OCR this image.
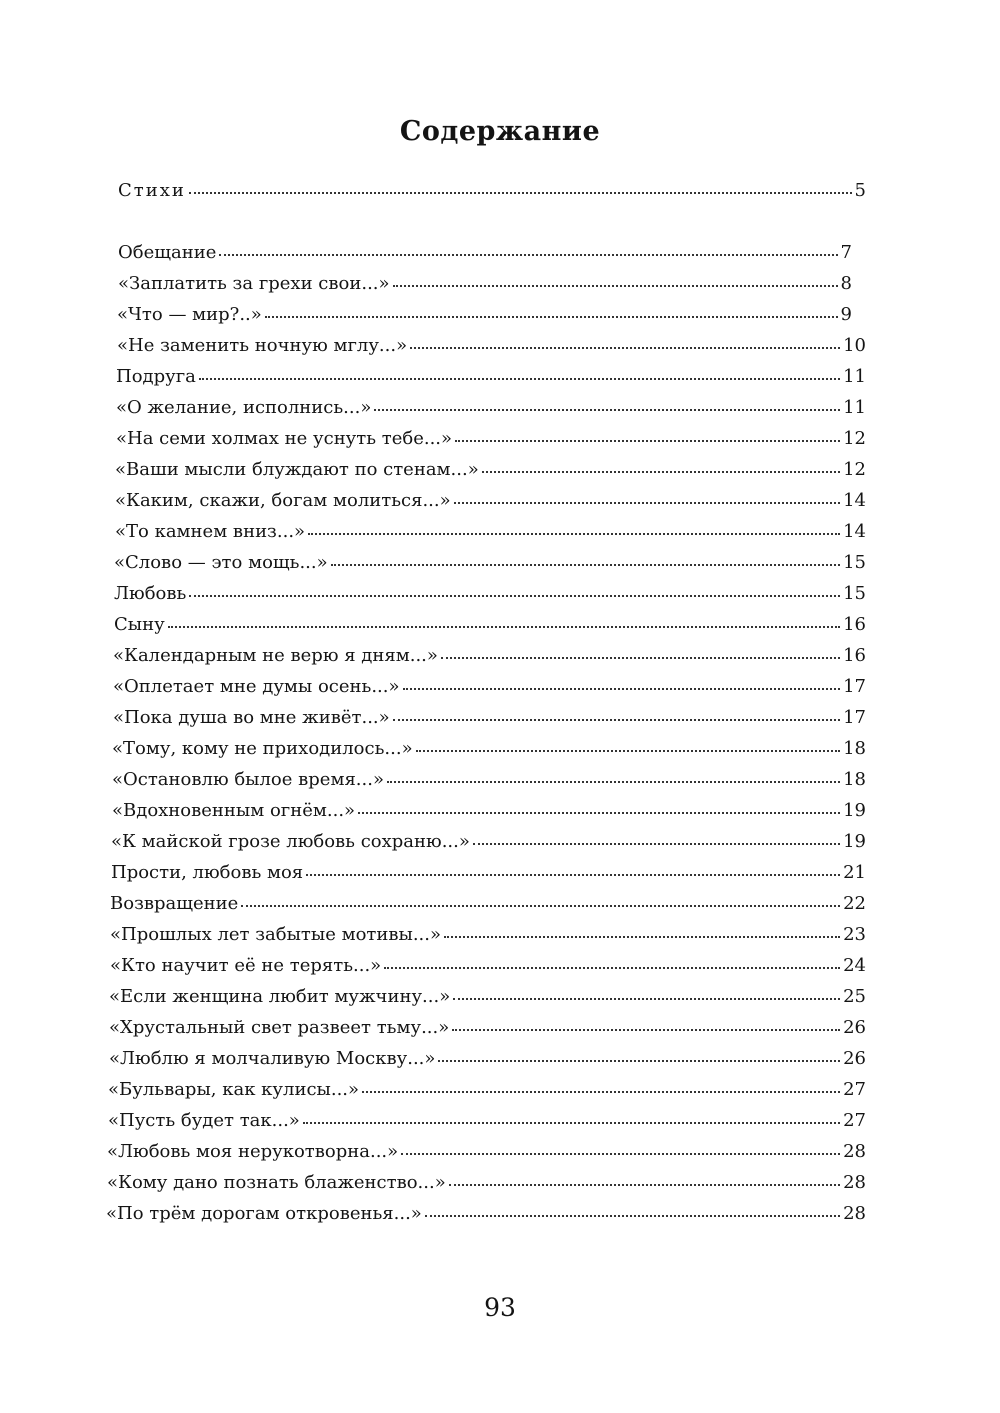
Содержание
Стихи	5
Обещание	7
«Заплатить за грехи свои...»	8
«Что — мир?..»	9
«Не заменить ночную мглу...»	10
Подруга	11
«О желание, исполнись...»	11
«На семи холмах не уснуть тебе...»	12
«Ваши мысли блуждают по стенам...»	12
«Каким, скажи, богам молиться...»	14
«То камнем вниз...»	14
«Слово — это мощь...»	15
Любовь	15
Сыну	16
«Календарным не верю я дням...»	16
«Оплетает мне думы осень...»	17
«Пока душа во мне живёт...»	17
«Тому, кому не приходилось...»	18
«Остановлю былое время...»	18
«Вдохновенным огнём...»	19
«К майской грозе любовь сохраню...»	19
Прости, любовь моя	21
Возвращение	22
«Прошлых лет забытые мотивы...»	23
«Кто научит её не терять...»	24
«Если женщина любит мужчину...»	25
«Хрустальный свет развеет тьму...»	26
«Люблю я молчаливую Москву...»	26
«Бульвары, как кулисы...»	27
«Пусть будет так...»	27
«Любовь моя нерукотворна...»	28
«Кому дано познать блаженство...»	28
«По трём дорогам откровенья...»	28
93
